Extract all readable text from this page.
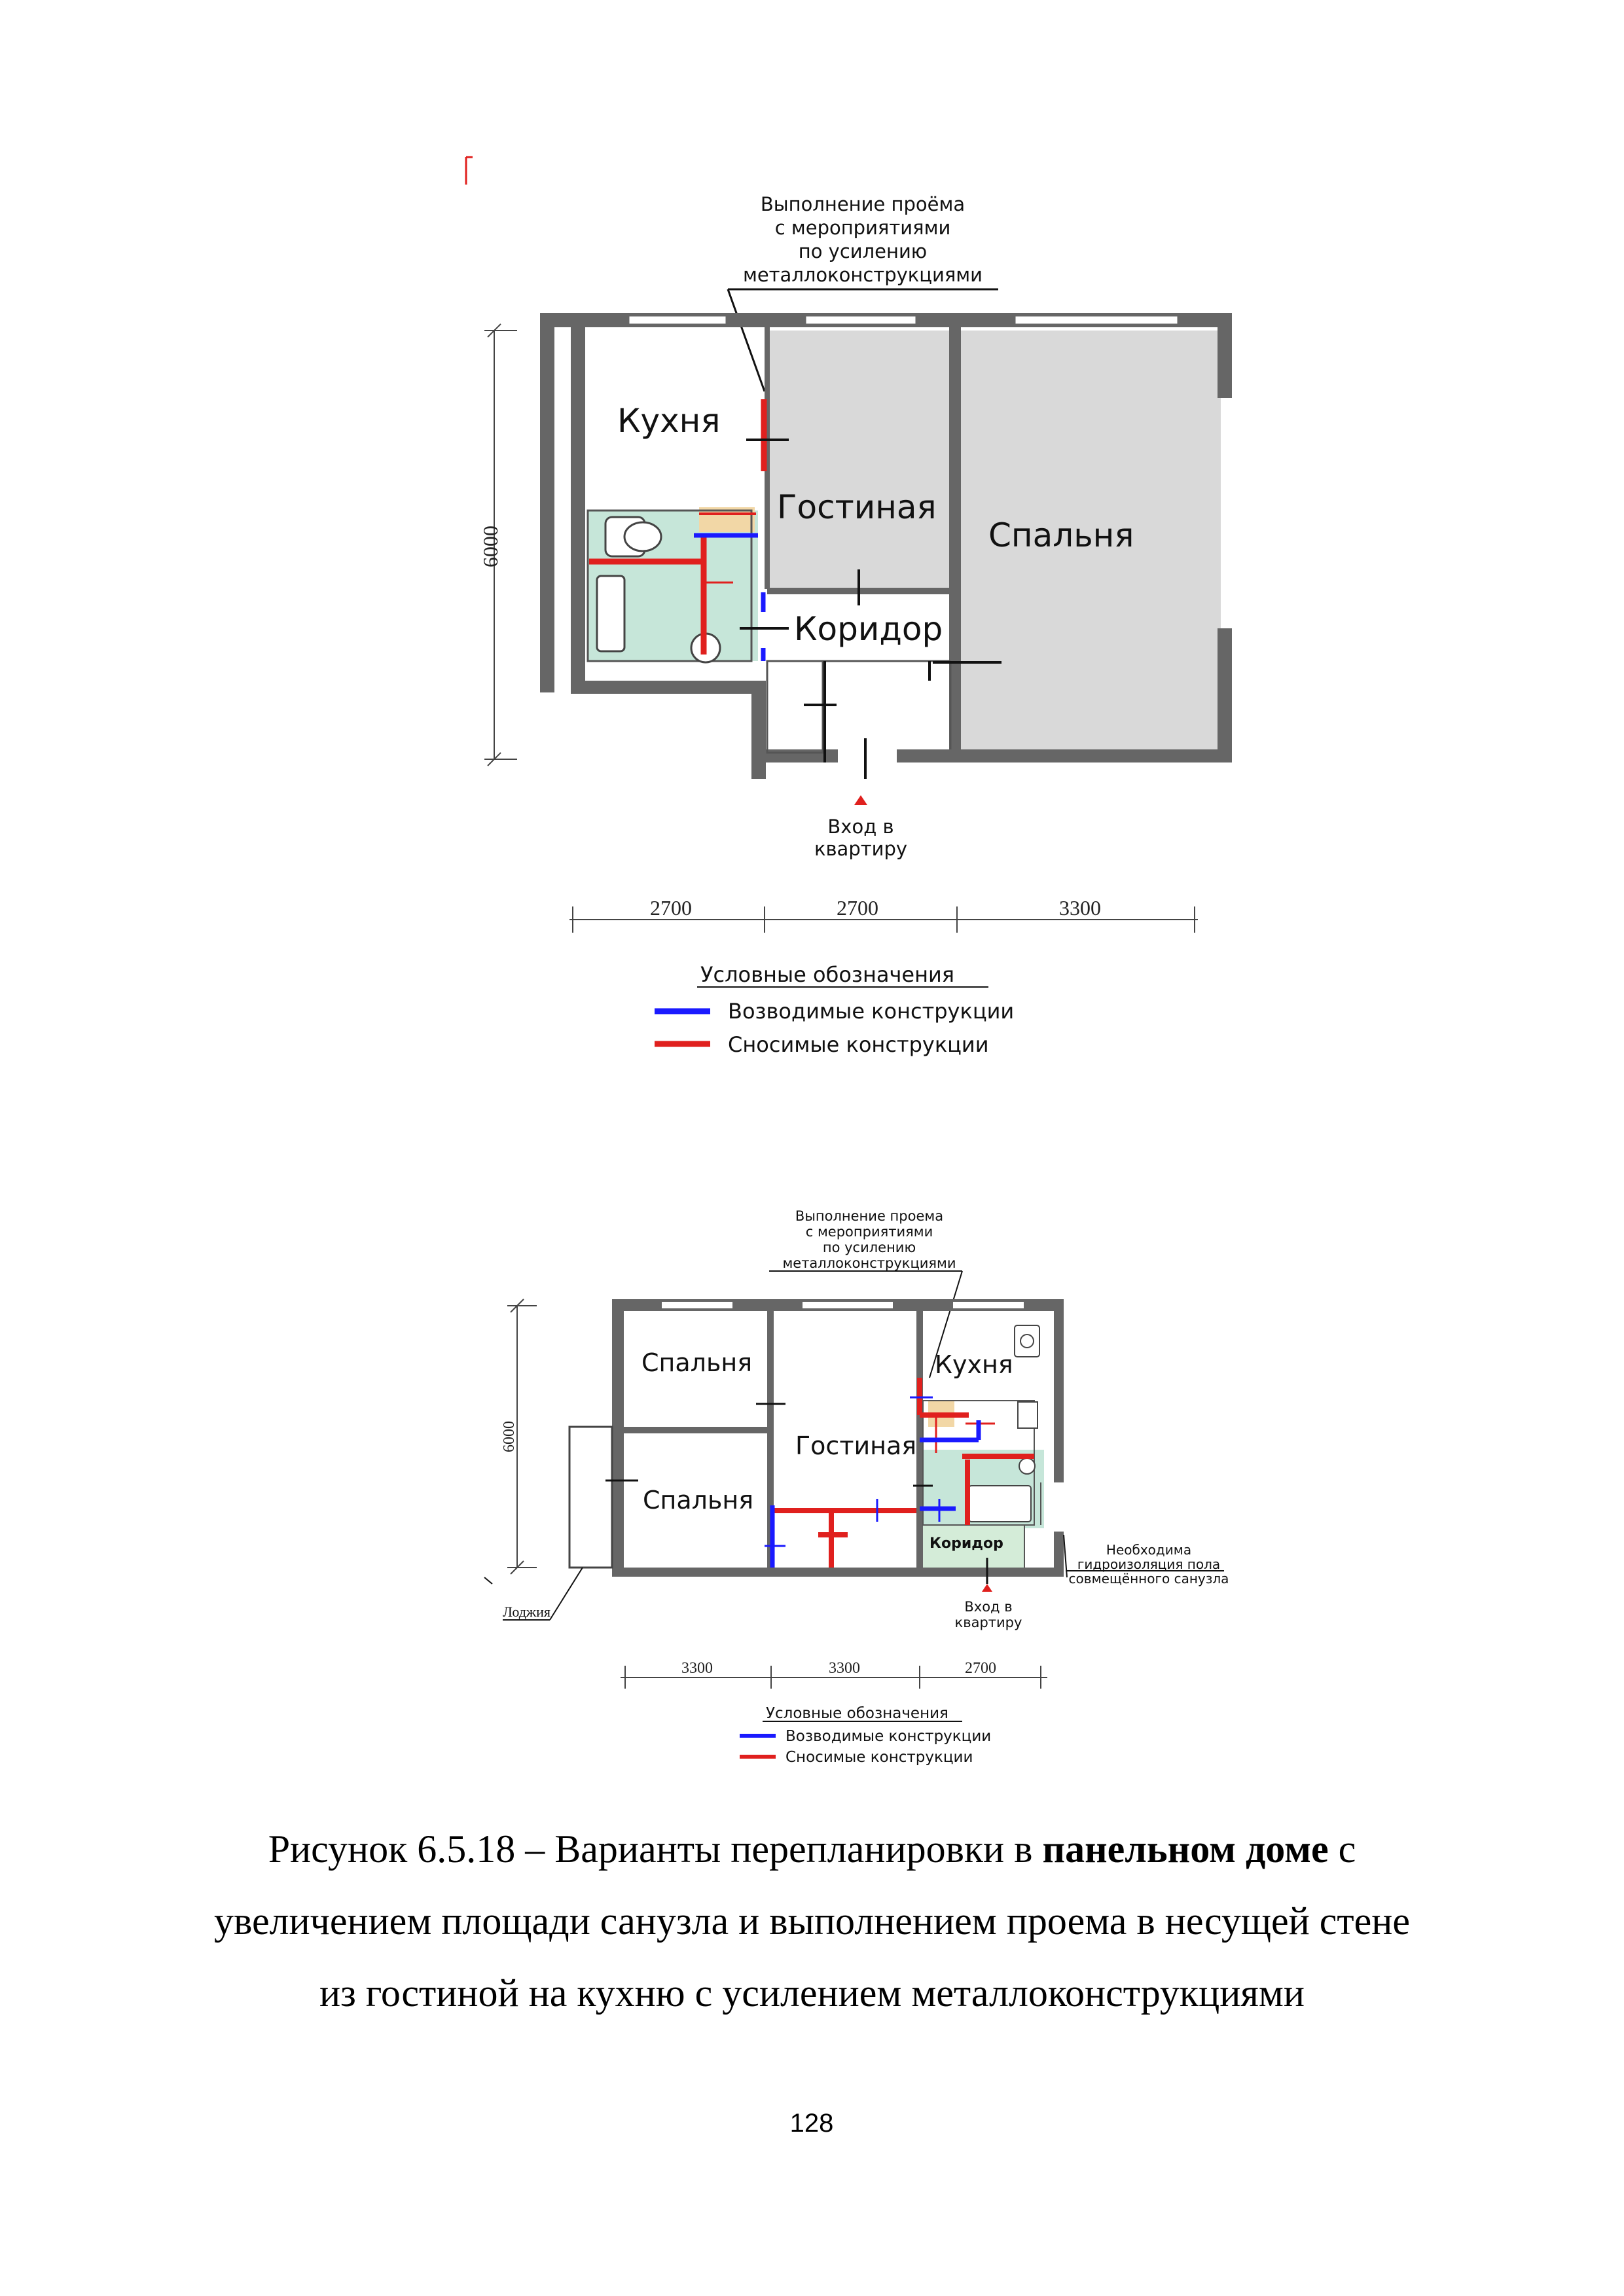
Выполнение проёма
с мероприятиями
по усилению
металлоконструкциями
Кухня
Гостиная
Спальня
Коридор
Вход в
квартиру
6000
2700	2700	3300
Условные обозначения
Возводимые конструкции
Сносимые конструкции
Выполнение проема
с мероприятиями
по усилению
металлоконструкциями
Спальня
Спальня
Гостиная
Кухня
Коридор	Необходима
гидроизоляция пола
совмещённого санузла
Лоджия	Вход в
квартиру
6000
3300	3300	2700
Условные обозначения
Возводимые конструкции
Сносимые конструкции
Рисунок 6.5.18 – Варианты перепланировки в панельном доме с увеличением площади санузла и выполнением проема в несущей стене из гостиной на кухню с усилением металлоконструкциями
128
